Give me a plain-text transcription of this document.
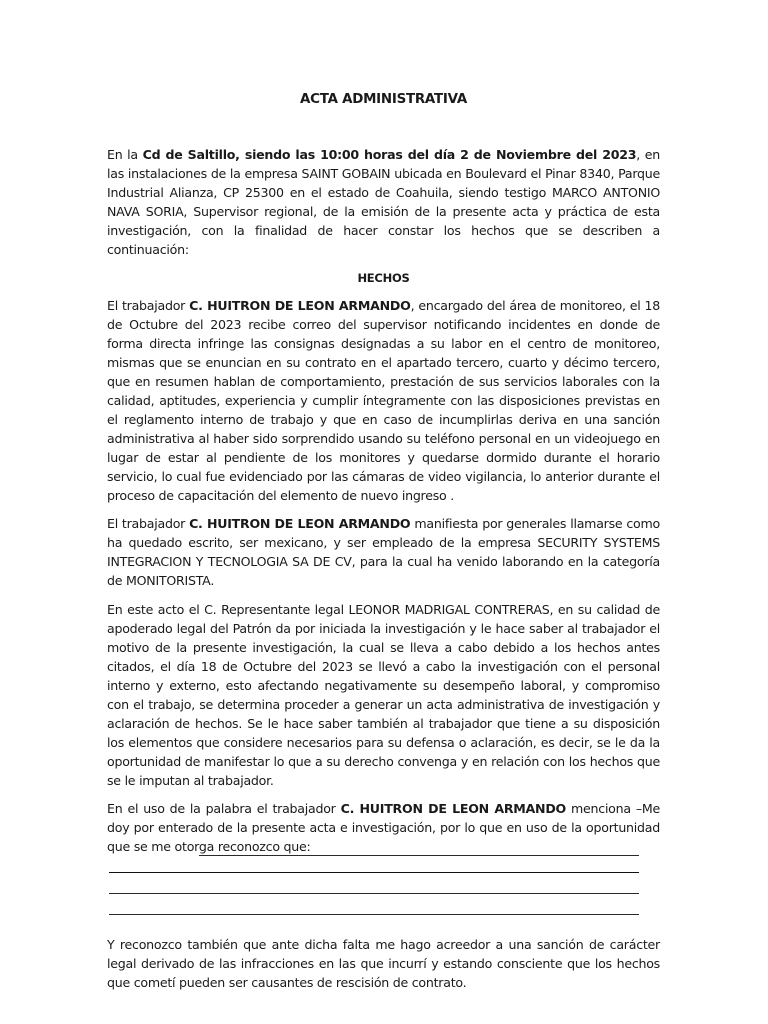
ACTA ADMINISTRATIVA

En la Cd de Saltillo, siendo las 10:00 horas del día 2 de Noviembre del 2023, en las instalaciones de la empresa SAINT GOBAIN ubicada en Boulevard el Pinar 8340, Parque Industrial Alianza, CP 25300 en el estado de Coahuila, siendo testigo MARCO ANTONIO NAVA SORIA, Supervisor regional, de la emisión de la presente acta y práctica de esta investigación, con la finalidad de hacer constar los hechos que se describen a continuación:

HECHOS

El trabajador C. HUITRON DE LEON ARMANDO, encargado del área de monitoreo, el 18 de Octubre del 2023 recibe correo del supervisor notificando incidentes en donde de forma directa infringe las consignas designadas a su labor en el centro de monitoreo, mismas que se enuncian en su contrato en el apartado tercero, cuarto y décimo tercero, que en resumen hablan de comportamiento, prestación de sus servicios laborales con la calidad, aptitudes, experiencia y cumplir íntegramente con las disposiciones previstas en el reglamento interno de trabajo y que en caso de incumplirlas deriva en una sanción administrativa al haber sido sorprendido usando su teléfono personal en un videojuego en lugar de estar al pendiente de los monitores y quedarse dormido durante el horario servicio, lo cual fue evidenciado por las cámaras de video vigilancia, lo anterior durante el proceso de capacitación del elemento de nuevo ingreso .

El trabajador C. HUITRON DE LEON ARMANDO manifiesta por generales llamarse como ha quedado escrito, ser mexicano, y ser empleado de la empresa SECURITY SYSTEMS INTEGRACION Y TECNOLOGIA SA DE CV, para la cual ha venido laborando en la categoría de MONITORISTA.

En este acto el C. Representante legal LEONOR MADRIGAL CONTRERAS, en su calidad de apoderado legal del Patrón da por iniciada la investigación y le hace saber al trabajador el motivo de la presente investigación, la cual se lleva a cabo debido a los hechos antes citados, el día 18 de Octubre del 2023 se llevó a cabo la investigación con el personal interno y externo, esto afectando negativamente su desempeño laboral, y compromiso con el trabajo, se determina proceder a generar un acta administrativa de investigación y aclaración de hechos. Se le hace saber también al trabajador que tiene a su disposición los elementos que considere necesarios para su defensa o aclaración, es decir, se le da la oportunidad de manifestar lo que a su derecho convenga y en relación con los hechos que se le imputan al trabajador.

En el uso de la palabra el trabajador C. HUITRON DE LEON ARMANDO menciona –Me doy por enterado de la presente acta e investigación, por lo que en uso de la oportunidad que se me otorga reconozco que:

Y reconozco también que ante dicha falta me hago acreedor a una sanción de carácter legal derivado de las infracciones en las que incurrí y estando consciente que los hechos que cometí pueden ser causantes de rescisión de contrato.
